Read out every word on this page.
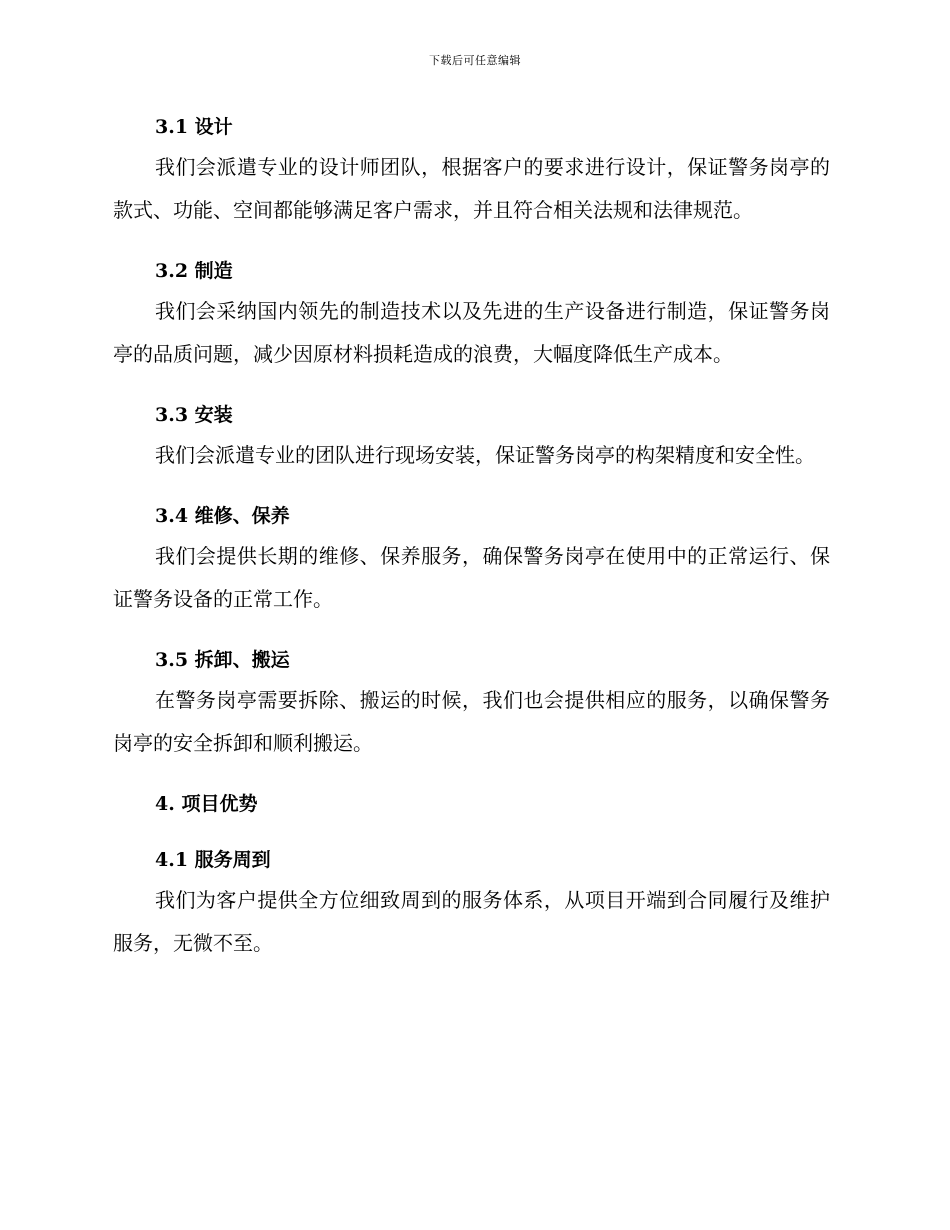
下载后可任意编辑
3.1 设计

我们会派遣专业的设计师团队，根据客户的要求进行设计，保证警务岗亭的款式、功能、空间都能够满足客户需求，并且符合相关法规和法律规范。

3.2 制造

我们会采纳国内领先的制造技术以及先进的生产设备进行制造，保证警务岗亭的品质问题，减少因原材料损耗造成的浪费，大幅度降低生产成本。

3.3 安装

我们会派遣专业的团队进行现场安装，保证警务岗亭的构架精度和安全性。

3.4 维修、保养

我们会提供长期的维修、保养服务，确保警务岗亭在使用中的正常运行、保证警务设备的正常工作。

3.5 拆卸、搬运

在警务岗亭需要拆除、搬运的时候，我们也会提供相应的服务，以确保警务岗亭的安全拆卸和顺利搬运。

4. 项目优势
4.1 服务周到

我们为客户提供全方位细致周到的服务体系，从项目开端到合同履行及维护服务，无微不至。
